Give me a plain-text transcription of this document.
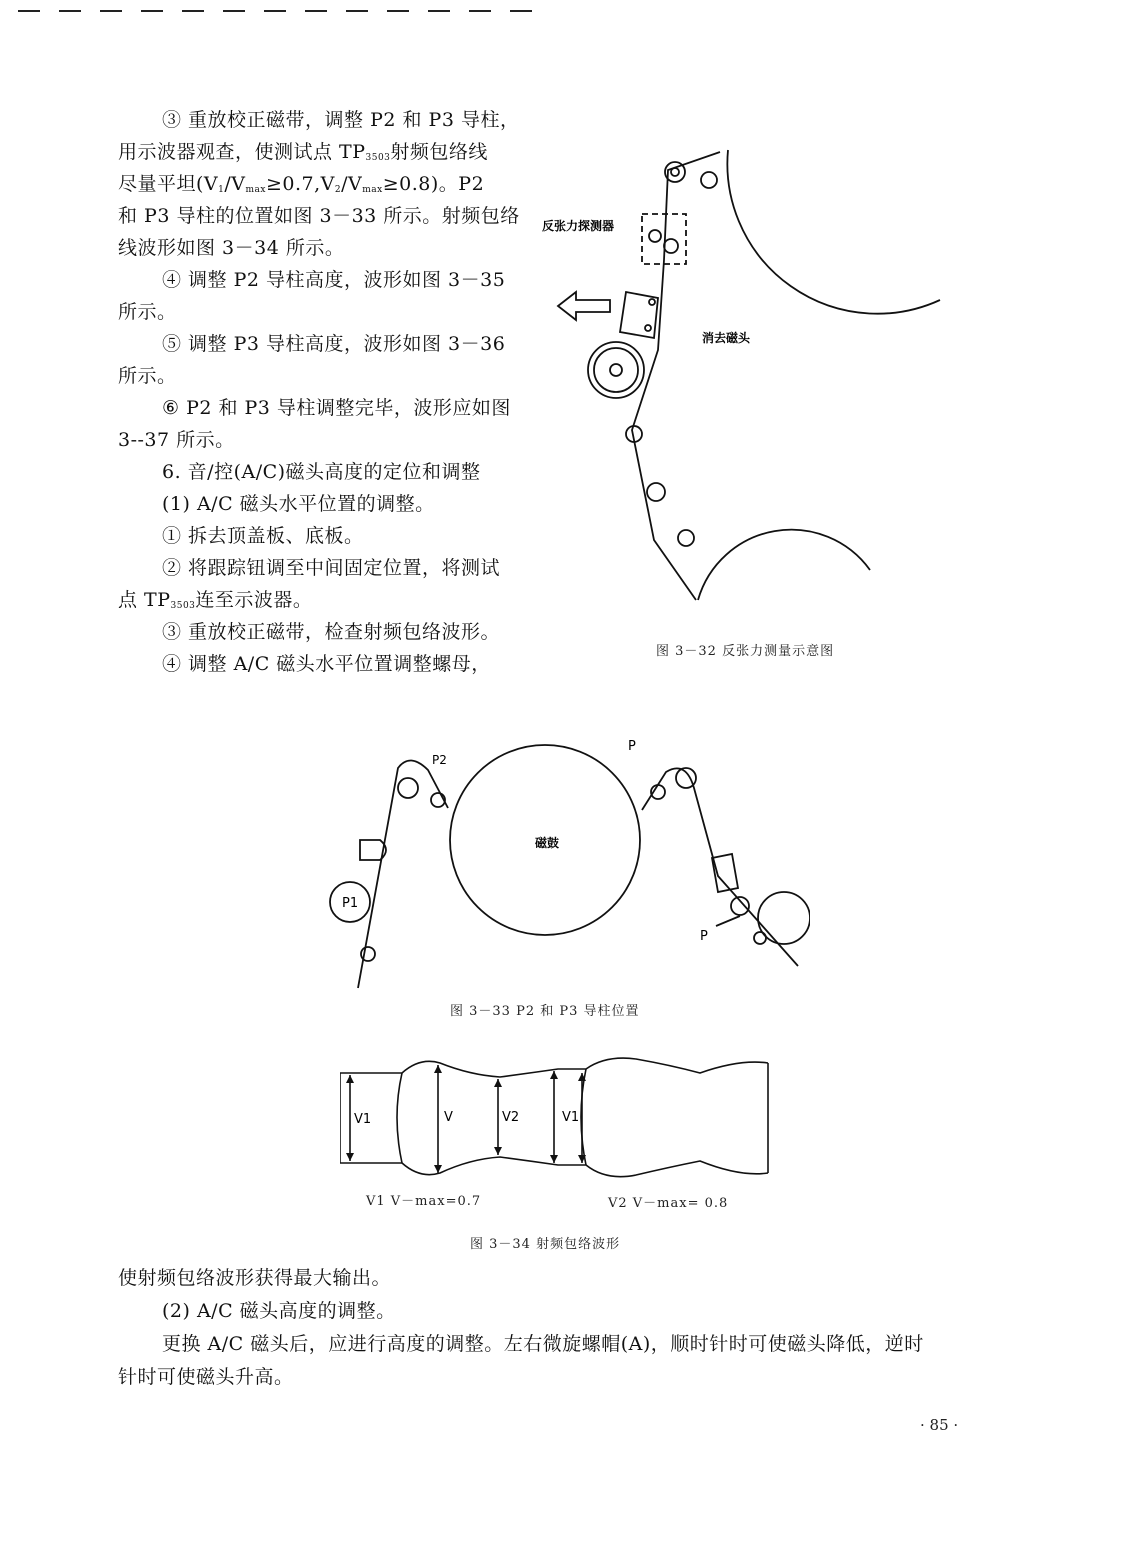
③ 重放校正磁带，调整 P2 和 P3 导柱，
用示波器观查，使测试点 $TP_{3503}$射频包络线
尽量平坦$(V_1/V_{max}\ge 0.7,V_2/V_{max}\ge 0.8)$。P2
和 P3 导柱的位置如图 3－33 所示。射频包络
线波形如图 3－34 所示。
④ 调整 P2 导柱高度，波形如图 3－35
所示。
⑤ 调整 P3 导柱高度，波形如图 3－36
所示。
⑥ P2 和 P3 导柱调整完毕，波形应如图
3--37 所示。
6. 音/控(A/C)磁头高度的定位和调整
(1) A/C 磁头水平位置的调整。
① 拆去顶盖板、底板。
② 将跟踪钮调至中间固定位置，将测试
点 $TP_{3503}$连至示波器。
③ 重放校正磁带，检查射频包络波形。
④ 调整 A/C 磁头水平位置调整螺母，
反张力探测器
消去磁头
图 3－32 反张力测量示意图
P2
P
磁鼓
P1
P
图 3－33 P2 和 P3 导柱位置
V1	V	V2	V1
V1 V－max=0.7	V2 V－max= 0.8
图 3－34 射频包络波形
使射频包络波形获得最大输出。
(2) A/C 磁头高度的调整。
更换 A/C 磁头后，应进行高度的调整。左右微旋螺帽(A)，顺时针时可使磁头降低，逆时
针时可使磁头升高。
· 85 ·
